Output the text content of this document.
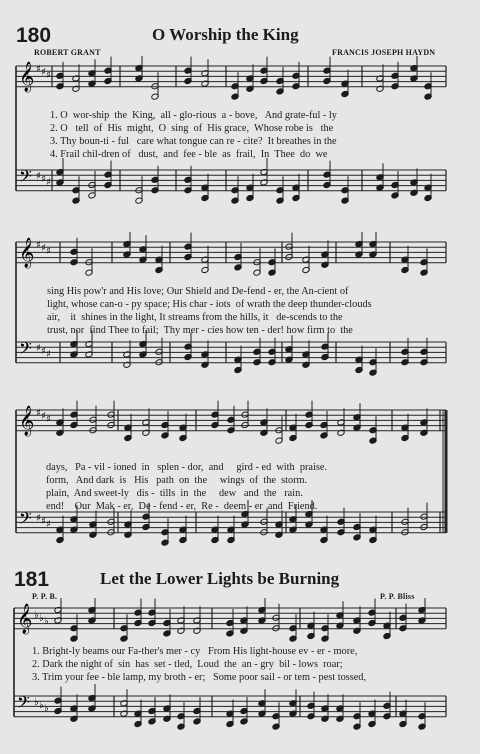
180	O Worship the King
ROBERT GRANT	FRANCIS JOSEPH HAYDN
𝄞
𝄢
♯
♯
♯
♯
♯
♯
1. O  wor-ship  the  King,  all - glo-rious  a - bove,   And grate-ful - ly
2. O   tell  of  His  might,  O  sing  of  His grace,  Whose robe is   the
3. Thy boun-ti - ful   care what tongue can re - cite?  It breathes in the
4. Frail chil-dren of   dust,  and  fee - ble  as  frail,  In  Thee  do  we
𝄞
𝄢
♯
♯
♯
♯
♯
♯
sing His pow'r and His love; Our Shield and De-fend - er, the An-cient of
light, whose can-o - py space; His char - iots  of wrath the deep thunder-clouds
air,    it  shines in the light, It streams from the hills, it   de-scends to the
trust, nor  find Thee to fail;  Thy mer - cies how ten - der! how firm to  the
𝄞
𝄢
♯
♯
♯
♯
♯
♯
days,   Pa - vil - ioned  in   splen - dor,  and     gird - ed  with  praise.
form,   And dark  is   His   path  on  the     wings  of  the  storm.
plain,  And sweet-ly   dis -  tills  in  the     dew   and  the   rain.
end!    Our  Mak - er,  De - fend - er,  Re -  deem - er  and  Friend.
181	Let the Lower Lights be Burning
P. P. B.	P. P. Bliss
𝄞
𝄢
♭
♭
♭
♭
♭
♭
1. Bright-ly beams our Fa-ther's mer - cy   From His light-house ev - er - more,
2. Dark the night of  sin  has  set - tled,  Loud  the  an - gry  bil - lows  roar;
3. Trim your fee - ble lamp, my broth - er;   Some poor sail - or tem - pest tossed,
